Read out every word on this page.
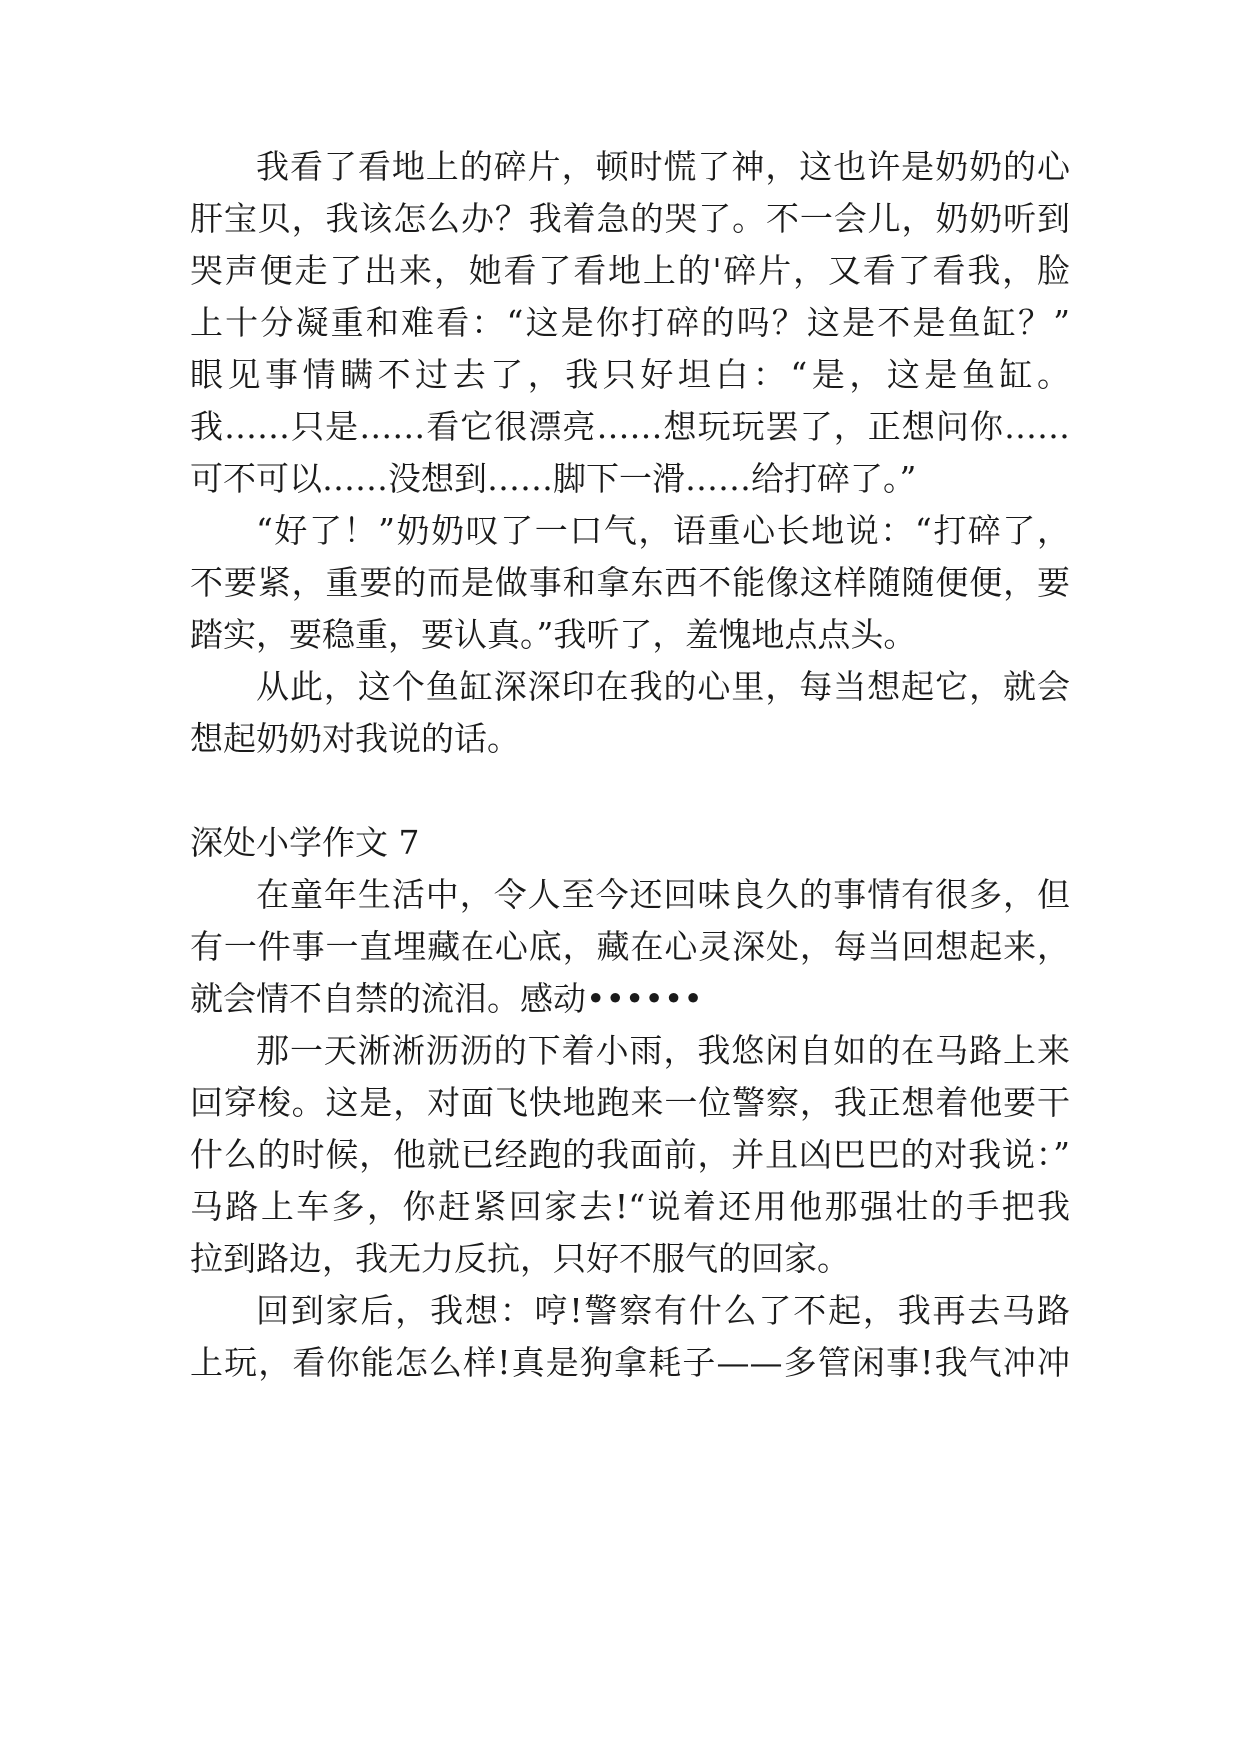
我看了看地上的碎片，顿时慌了神，这也许是奶奶的心
肝宝贝，我该怎么办？我着急的哭了。不一会儿，奶奶听到
哭声便走了出来，她看了看地上的'碎片，又看了看我，脸
上十分凝重和难看：“这是你打碎的吗？这是不是鱼缸？”
眼见事情瞒不过去了，我只好坦白：“是，这是鱼缸。
我……只是……看它很漂亮……想玩玩罢了，正想问你……
可不可以……没想到……脚下一滑……给打碎了。”
“好了！”奶奶叹了一口气，语重心长地说：“打碎了，
不要紧，重要的而是做事和拿东西不能像这样随随便便，要
踏实，要稳重，要认真。”我听了，羞愧地点点头。
从此，这个鱼缸深深印在我的心里，每当想起它，就会
想起奶奶对我说的话。
深处小学作文 7
在童年生活中，令人至今还回味良久的事情有很多，但
有一件事一直埋藏在心底，藏在心灵深处，每当回想起来，
就会情不自禁的流泪。感动••••••
那一天淅淅沥沥的下着小雨，我悠闲自如的在马路上来
回穿梭。这是，对面飞快地跑来一位警察，我正想着他要干
什么的时候，他就已经跑的我面前，并且凶巴巴的对我说：”
马路上车多，你赶紧回家去!“说着还用他那强壮的手把我
拉到路边，我无力反抗，只好不服气的回家。
回到家后，我想：哼!警察有什么了不起，我再去马路
上玩，看你能怎么样!真是狗拿耗子——多管闲事!我气冲冲
